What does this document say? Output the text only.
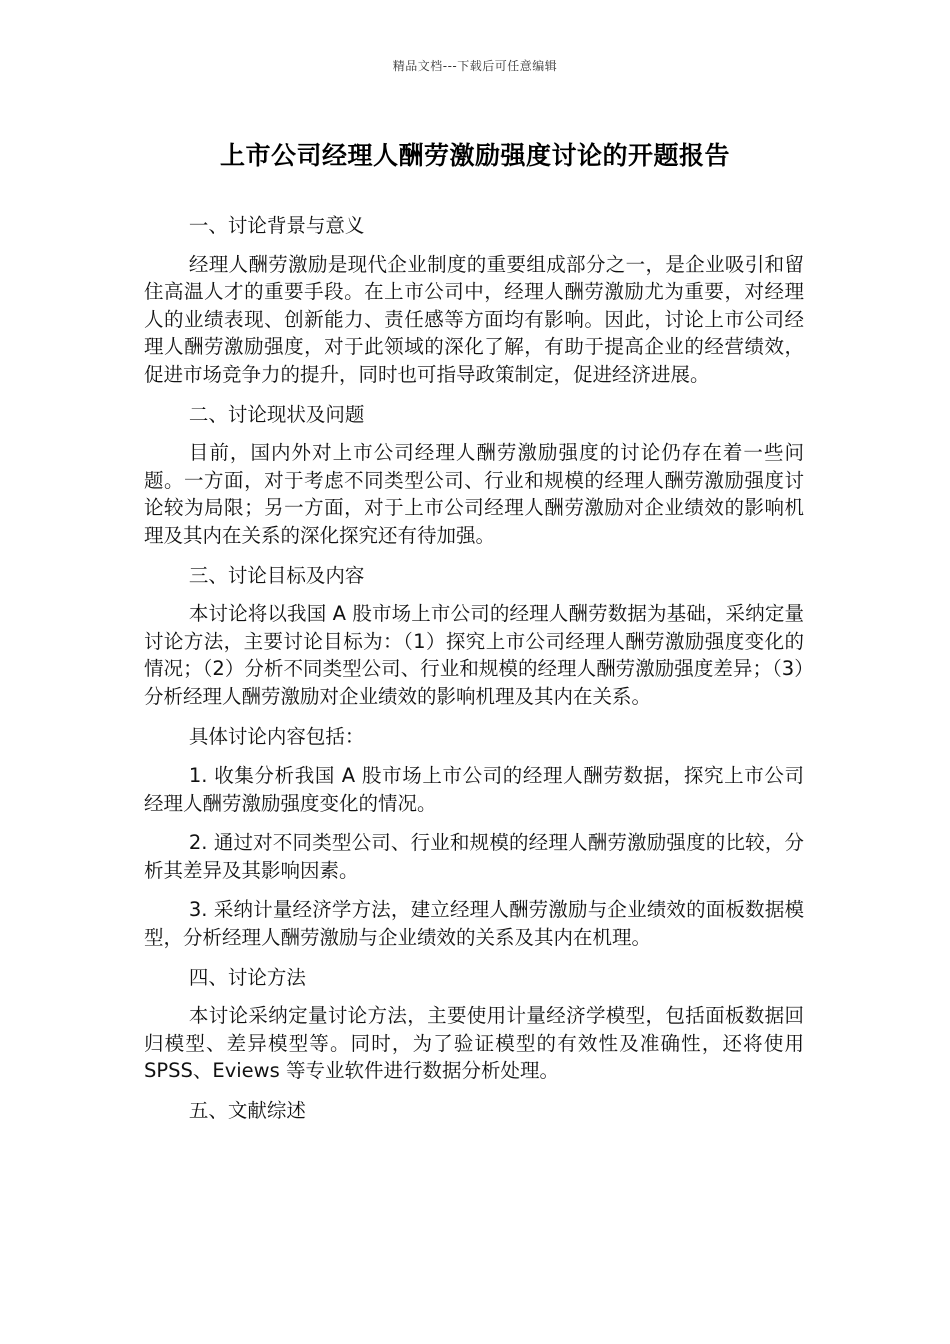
精品文档---下载后可任意编辑
上市公司经理人酬劳激励强度讨论的开题报告

一、讨论背景与意义

经理人酬劳激励是现代企业制度的重要组成部分之一，是企业吸引和留住高温人才的重要手段。在上市公司中，经理人酬劳激励尤为重要，对经理人的业绩表现、创新能力、责任感等方面均有影响。因此，讨论上市公司经理人酬劳激励强度，对于此领域的深化了解，有助于提高企业的经营绩效，促进市场竞争力的提升，同时也可指导政策制定，促进经济进展。

二、讨论现状及问题

目前，国内外对上市公司经理人酬劳激励强度的讨论仍存在着一些问题。一方面，对于考虑不同类型公司、行业和规模的经理人酬劳激励强度讨论较为局限；另一方面，对于上市公司经理人酬劳激励对企业绩效的影响机理及其内在关系的深化探究还有待加强。

三、讨论目标及内容

本讨论将以我国 A 股市场上市公司的经理人酬劳数据为基础，采纳定量讨论方法，主要讨论目标为：（1）探究上市公司经理人酬劳激励强度变化的情况；（2）分析不同类型公司、行业和规模的经理人酬劳激励强度差异；（3）分析经理人酬劳激励对企业绩效的影响机理及其内在关系。

具体讨论内容包括：

1. 收集分析我国 A 股市场上市公司的经理人酬劳数据，探究上市公司经理人酬劳激励强度变化的情况。

2. 通过对不同类型公司、行业和规模的经理人酬劳激励强度的比较，分析其差异及其影响因素。

3. 采纳计量经济学方法，建立经理人酬劳激励与企业绩效的面板数据模型，分析经理人酬劳激励与企业绩效的关系及其内在机理。

四、讨论方法

本讨论采纳定量讨论方法，主要使用计量经济学模型，包括面板数据回归模型、差异模型等。同时，为了验证模型的有效性及准确性，还将使用 SPSS、Eviews 等专业软件进行数据分析处理。

五、文献综述
